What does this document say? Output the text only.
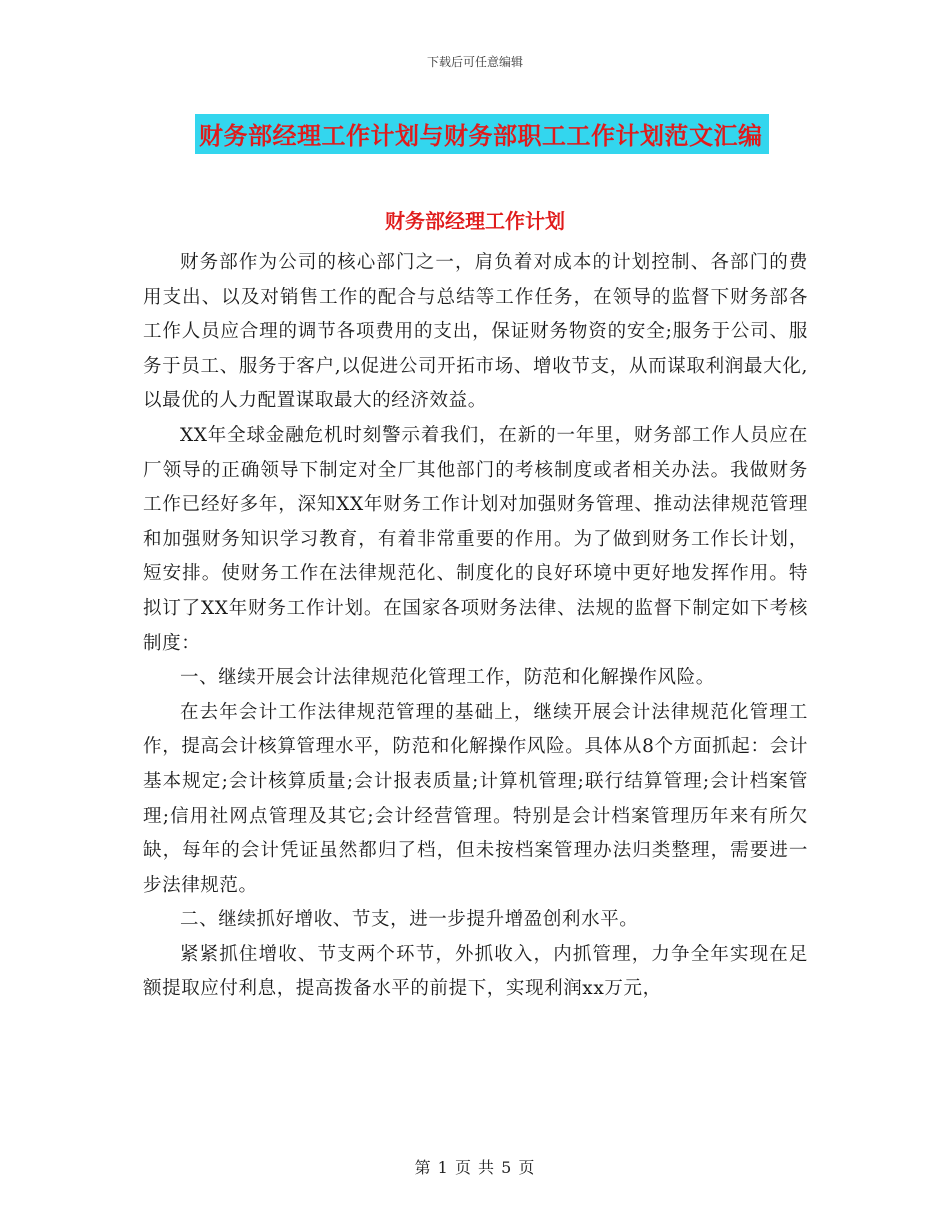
下载后可任意编辑
财务部经理工作计划与财务部职工工作计划范文汇编
财务部经理工作计划

财务部作为公司的核心部门之一，肩负着对成本的计划控制、各部门的费用支出、以及对销售工作的配合与总结等工作任务，在领导的监督下财务部各工作人员应合理的调节各项费用的支出，保证财务物资的安全;服务于公司、服务于员工、服务于客户,以促进公司开拓市场、增收节支，从而谋取利润最大化,以最优的人力配置谋取最大的经济效益。

XX年全球金融危机时刻警示着我们，在新的一年里，财务部工作人员应在厂领导的正确领导下制定对全厂其他部门的考核制度或者相关办法。我做财务工作已经好多年，深知XX年财务工作计划对加强财务管理、推动法律规范管理和加强财务知识学习教育，有着非常重要的作用。为了做到财务工作长计划，短安排。使财务工作在法律规范化、制度化的良好环境中更好地发挥作用。特拟订了XX年财务工作计划。在国家各项财务法律、法规的监督下制定如下考核制度：

一、继续开展会计法律规范化管理工作，防范和化解操作风险。

在去年会计工作法律规范管理的基础上，继续开展会计法律规范化管理工作，提高会计核算管理水平，防范和化解操作风险。具体从8个方面抓起：会计基本规定;会计核算质量;会计报表质量;计算机管理;联行结算管理;会计档案管理;信用社网点管理及其它;会计经营管理。特别是会计档案管理历年来有所欠缺，每年的会计凭证虽然都归了档，但未按档案管理办法归类整理，需要进一步法律规范。

二、继续抓好增收、节支，进一步提升增盈创利水平。

紧紧抓住增收、节支两个环节，外抓收入，内抓管理，力争全年实现在足额提取应付利息，提高拨备水平的前提下，实现利润xx万元，

第 1 页 共 5 页
